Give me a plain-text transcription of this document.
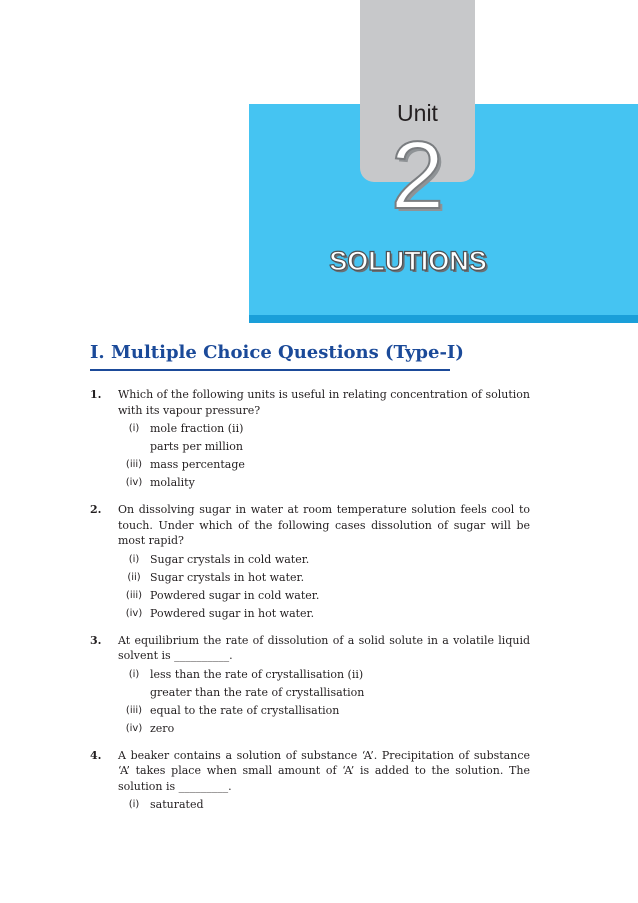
Unit
2
SOLUTIONS
I. Multiple Choice Questions (Type-I)
1.	Which of the following units is useful in relating concentration of solution with its vapour pressure?
(i) mole fraction (ii)
parts per million
(iii) mass percentage
(iv) molality
2.	On dissolving sugar in water at room temperature solution feels cool to touch. Under which of the following cases dissolution of sugar will be most rapid?
(i) Sugar crystals in cold water.
(ii) Sugar crystals in hot water.
(iii) Powdered sugar in cold water.
(iv) Powdered sugar in hot water.
3.	At equilibrium the rate of dissolution of a solid solute in a volatile liquid solvent is __________.
(i) less than the rate of crystallisation (ii)
greater than the rate of crystallisation
(iii) equal to the rate of crystallisation
(iv) zero
4.	A beaker contains a solution of substance ‘A’. Precipitation of substance ‘A’ takes place when small amount of ‘A’ is added to the solution. The solution is _________.
(i) saturated
